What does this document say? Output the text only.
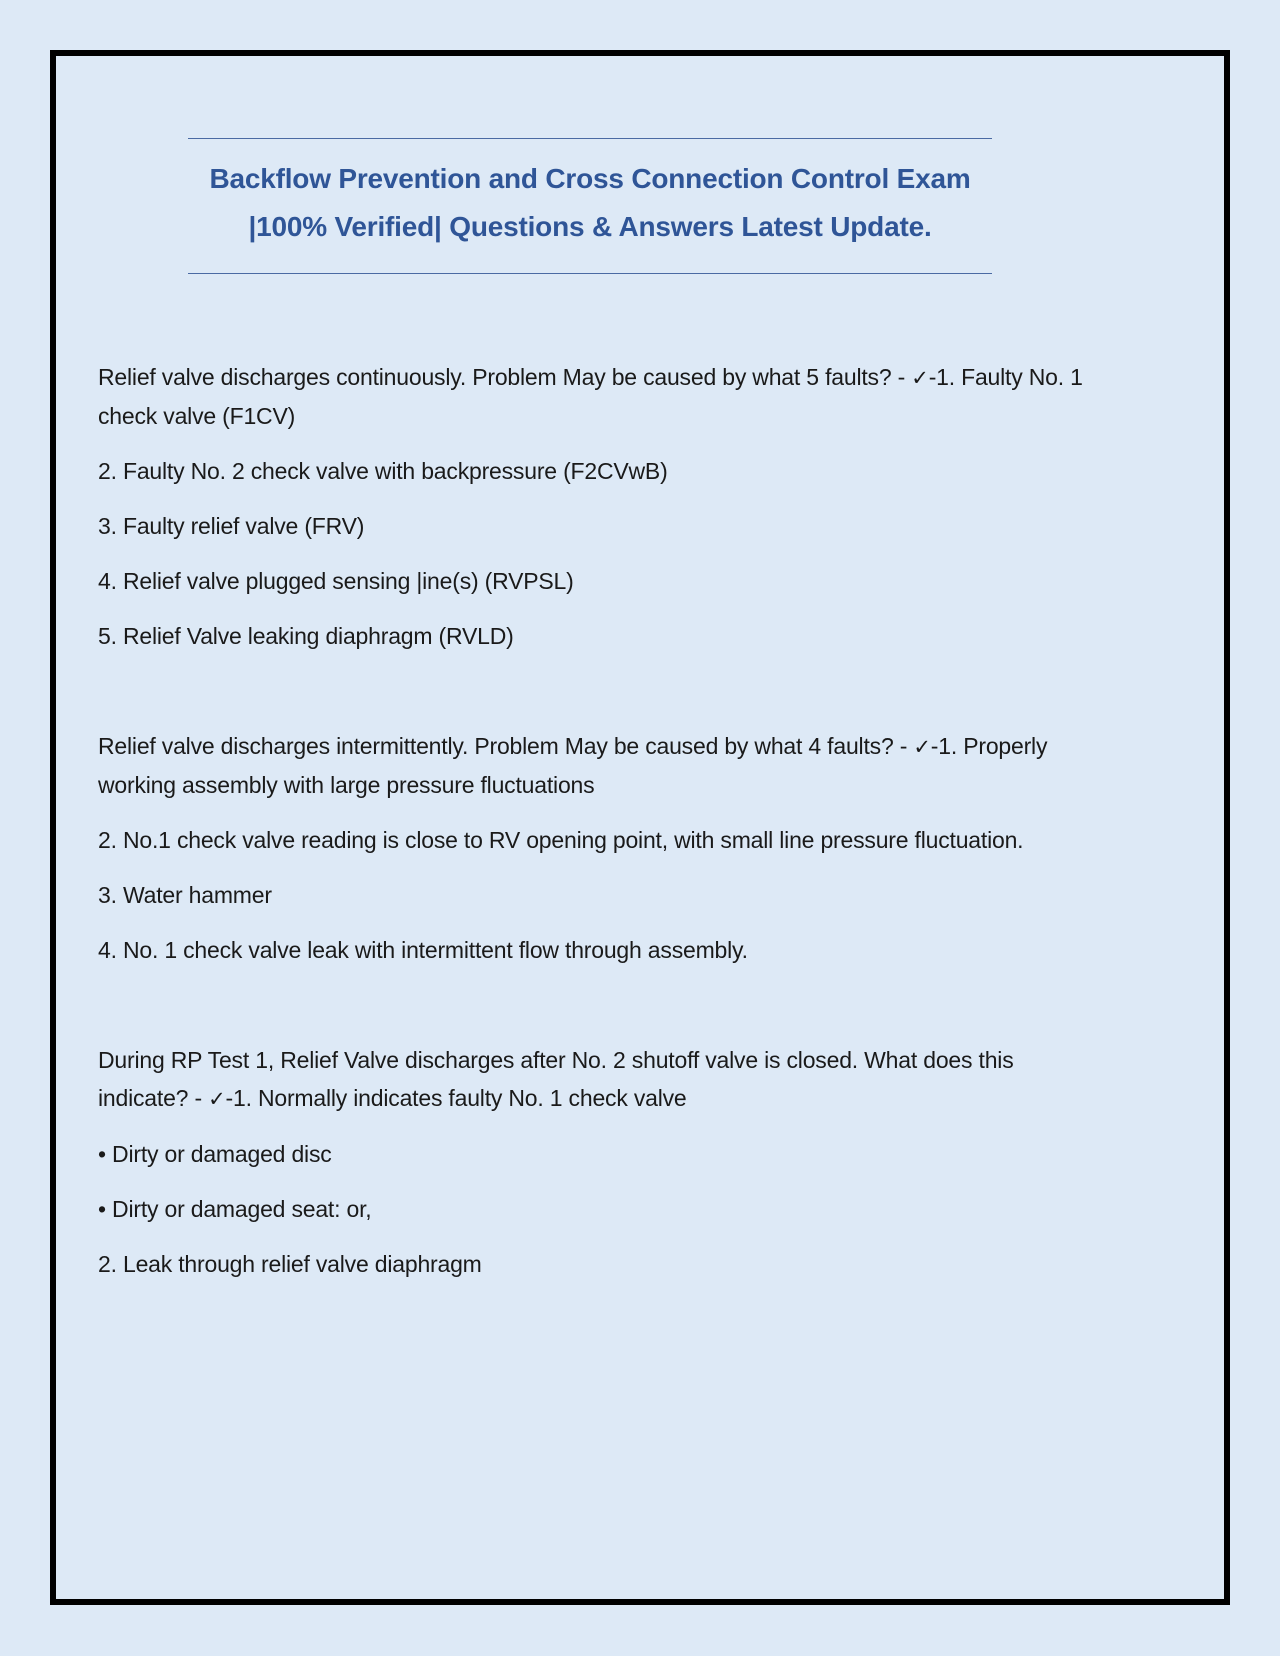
Backflow Prevention and Cross Connection Control Exam
|100% Verified| Questions & Answers Latest Update.

Relief valve discharges continuously. Problem May be caused by what 5 faults? - ✓-1. Faulty No. 1 check valve (F1CV)

2. Faulty No. 2 check valve with backpressure (F2CVwB)

3. Faulty relief valve (FRV)

4. Relief valve plugged sensing |ine(s) (RVPSL)

5. Relief Valve leaking diaphragm (RVLD)

Relief valve discharges intermittently. Problem May be caused by what 4 faults? - ✓-1. Properly working assembly with large pressure fluctuations

2. No.1 check valve reading is close to RV opening point, with small line pressure fluctuation.

3. Water hammer

4. No. 1 check valve leak with intermittent flow through assembly.

During RP Test 1, Relief Valve discharges after No. 2 shutoff valve is closed. What does this indicate? - ✓-1. Normally indicates faulty No. 1 check valve

• Dirty or damaged disc

• Dirty or damaged seat: or,

2. Leak through relief valve diaphragm
